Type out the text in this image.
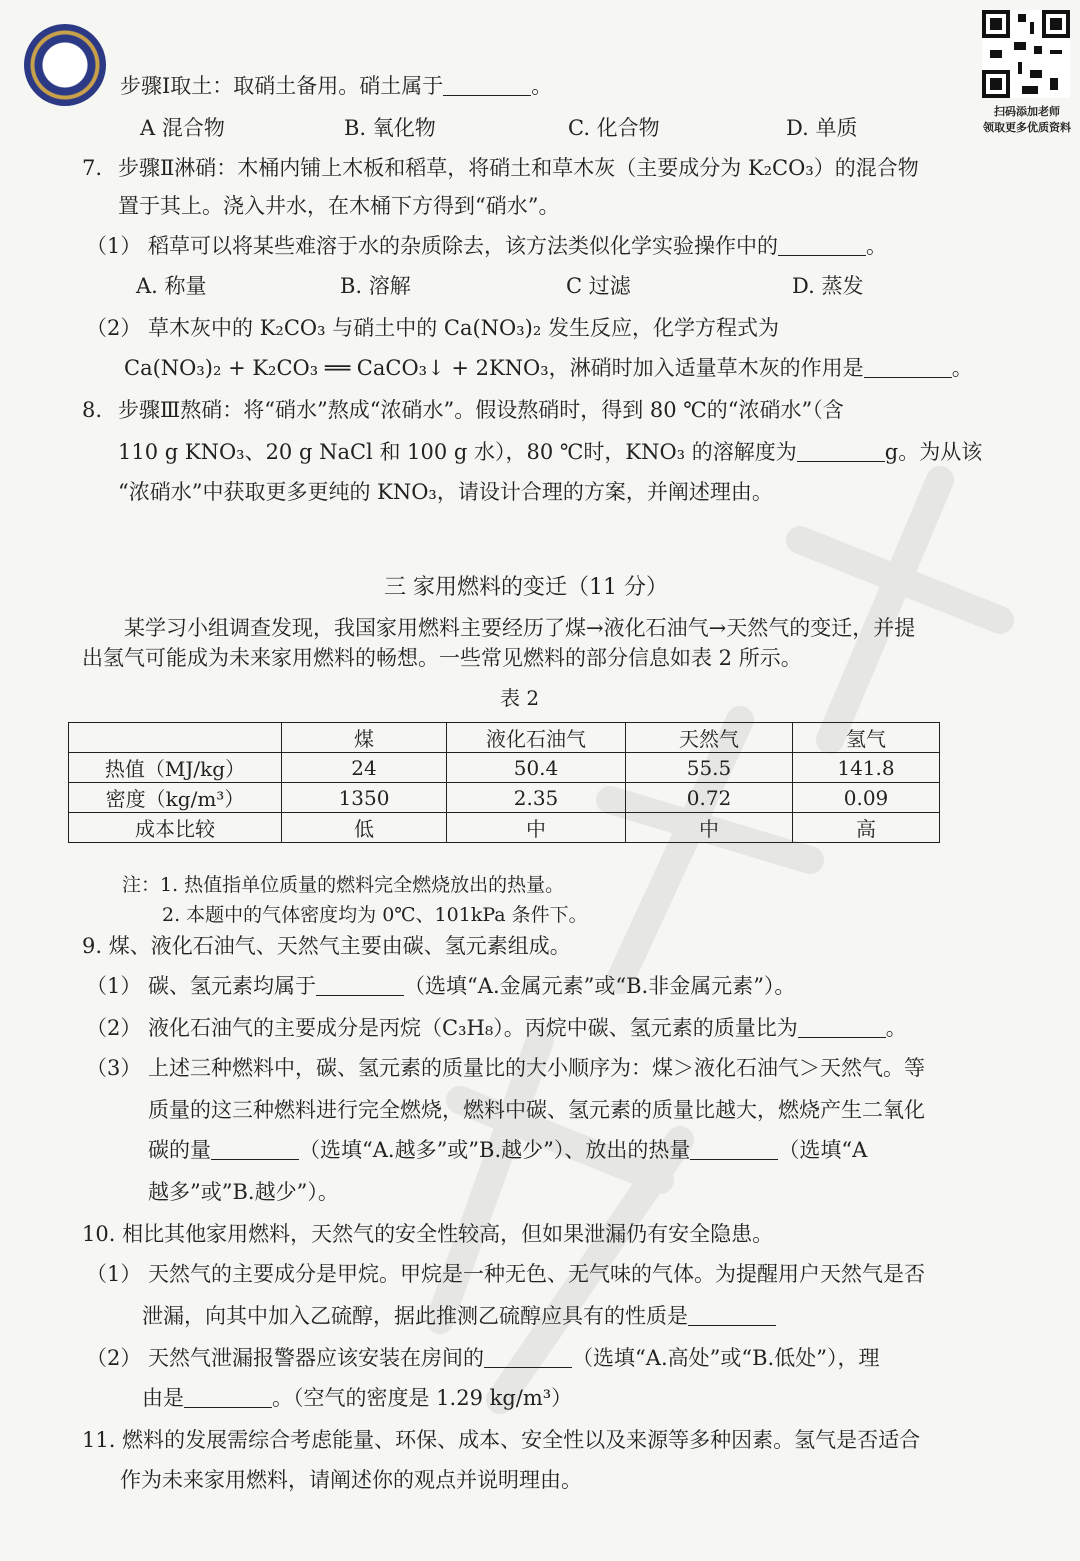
扫码添加老师
领取更多优质资料
步骤Ⅰ取土：取硝土备用。硝土属于	。
A 混合物	B. 氧化物	C. 化合物	D. 单质
7. 步骤Ⅱ淋硝：木桶内铺上木板和稻草，将硝土和草木灰（主要成分为 K₂CO₃）的混合物
置于其上。浇入井水，在木桶下方得到“硝水”。
（1） 稻草可以将某些难溶于水的杂质除去，该方法类似化学实验操作中的	。
A. 称量	B. 溶解	C 过滤	D. 蒸发
（2） 草木灰中的 K₂CO₃ 与硝土中的 Ca(NO₃)₂ 发生反应，化学方程式为
Ca(NO₃)₂ + K₂CO₃ ══ CaCO₃↓ + 2KNO₃，淋硝时加入适量草木灰的作用是	。
8. 步骤Ⅲ熬硝：将“硝水”熬成“浓硝水”。假设熬硝时，得到 80 ℃的“浓硝水”（含
110 g KNO₃、20 g NaCl 和 100 g 水），80 ℃时，KNO₃ 的溶解度为	g。为从该
“浓硝水”中获取更多更纯的 KNO₃，请设计合理的方案，并阐述理由。
三 家用燃料的变迁（11 分）
某学习小组调查发现，我国家用燃料主要经历了煤→液化石油气→天然气的变迁，并提
出氢气可能成为未来家用燃料的畅想。一些常见燃料的部分信息如表 2 所示。
表 2
	煤	液化石油气	天然气	氢气
热值（MJ/kg）	24	50.4	55.5	141.8
密度（kg/m³）	1350	2.35	0.72	0.09
成本比较	低	中	中	高
注：1. 热值指单位质量的燃料完全燃烧放出的热量。
2. 本题中的气体密度均为 0℃、101kPa 条件下。
9. 煤、液化石油气、天然气主要由碳、氢元素组成。
（1） 碳、氢元素均属于	（选填“A.金属元素”或“B.非金属元素”）。
（2） 液化石油气的主要成分是丙烷（C₃H₈）。丙烷中碳、氢元素的质量比为	。
（3） 上述三种燃料中，碳、氢元素的质量比的大小顺序为：煤＞液化石油气＞天然气。等
质量的这三种燃料进行完全燃烧，燃料中碳、氢元素的质量比越大，燃烧产生二氧化
碳的量	（选填“A.越多”或”B.越少”）、放出的热量	（选填“A
越多”或”B.越少”）。
10. 相比其他家用燃料，天然气的安全性较高，但如果泄漏仍有安全隐患。
（1） 天然气的主要成分是甲烷。甲烷是一种无色、无气味的气体。为提醒用户天然气是否
泄漏，向其中加入乙硫醇，据此推测乙硫醇应具有的性质是
（2） 天然气泄漏报警器应该安装在房间的	（选填“A.高处”或“B.低处”），理
由是	。（空气的密度是 1.29 kg/m³）
11. 燃料的发展需综合考虑能量、环保、成本、安全性以及来源等多种因素。氢气是否适合
作为未来家用燃料，请阐述你的观点并说明理由。
